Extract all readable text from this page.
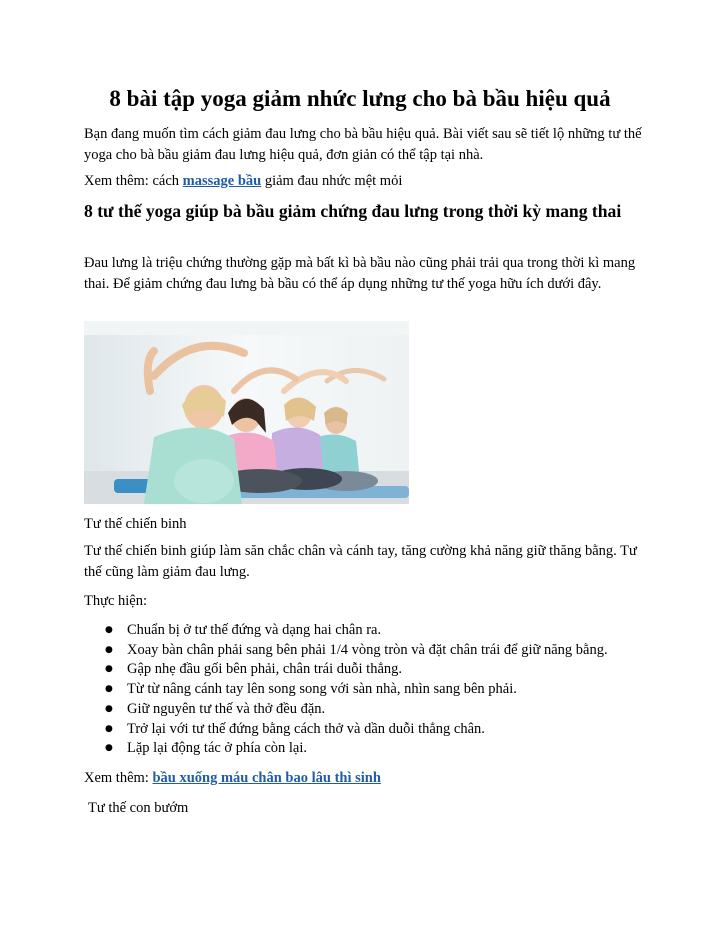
8 bài tập yoga giảm nhức lưng cho bà bầu hiệu quả

Bạn đang muốn tìm cách giảm đau lưng cho bà bầu hiệu quả. Bài viết sau sẽ tiết lộ những tư thế yoga cho bà bầu giảm đau lưng hiệu quả, đơn giản có thể tập tại nhà.

Xem thêm: cách massage bầu giảm đau nhức mệt mỏi

8 tư thế yoga giúp bà bầu giảm chứng đau lưng trong thời kỳ mang thai

Đau lưng là triệu chứng thường gặp mà bất kì bà bầu nào cũng phải trải qua trong thời kì mang thai. Để giảm chứng đau lưng bà bầu có thể áp dụng những tư thế yoga hữu ích dưới đây.

Tư thế chiến binh

Tư thế chiến binh giúp làm săn chắc chân và cánh tay, tăng cường khả năng giữ thăng bằng. Tư thế cũng làm giảm đau lưng.

Thực hiện:

● Chuẩn bị ở tư thế đứng và dạng hai chân ra.
● Xoay bàn chân phải sang bên phải 1/4 vòng tròn và đặt chân trái để giữ năng bằng.
● Gập nhẹ đầu gối bên phải, chân trái duỗi thẳng.
● Từ từ nâng cánh tay lên song song với sàn nhà, nhìn sang bên phải.
● Giữ nguyên tư thế và thở đều đặn.
● Trở lại với tư thế đứng bằng cách thở và dần duỗi thẳng chân.
● Lặp lại động tác ở phía còn lại.

Xem thêm: bầu xuống máu chân bao lâu thì sinh

Tư thế con bướm
